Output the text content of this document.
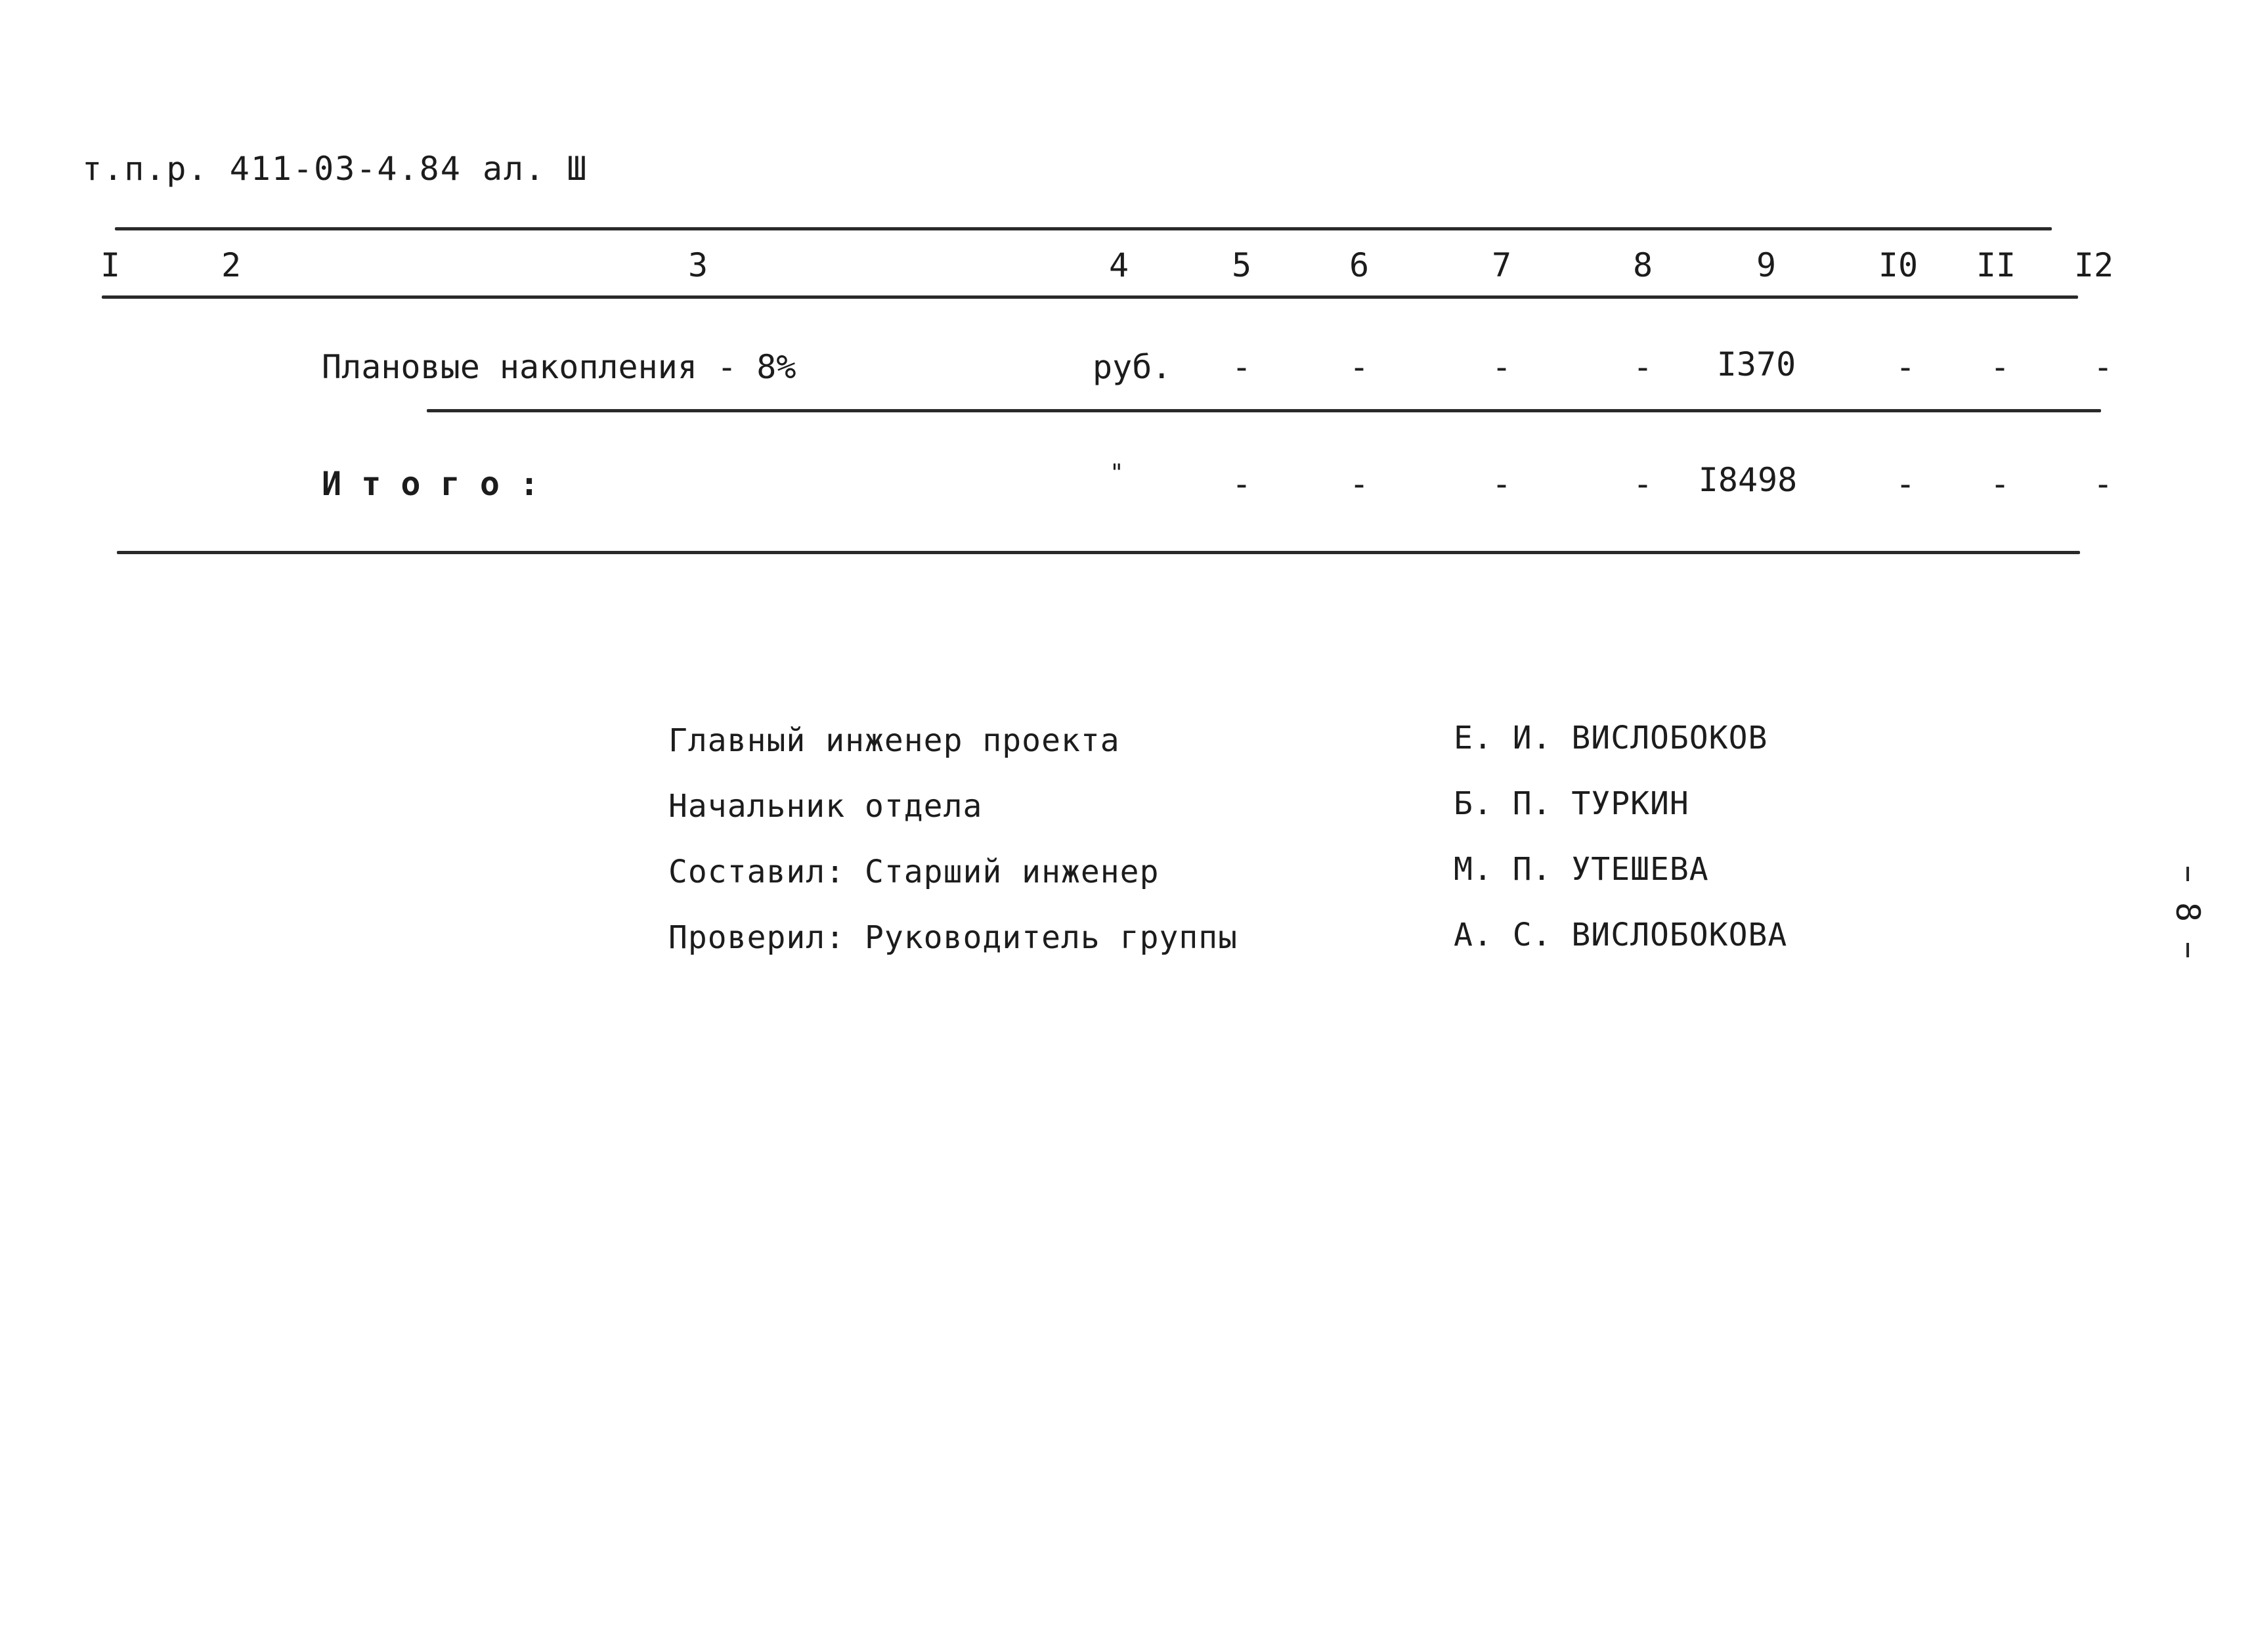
т.п.р. 411-03-4.84 ал. Ш
I	2	3	4	5	6	7	8	9	I0 II I2
Плановые накопления - 8%	руб. -	-	-	- I370	- -	-
И т о г о :	"	-	-	-	- I8498	- -	-
Главный инженер проекта	Е. И. ВИСЛОБОКОВ
Начальник отдела	Б. П. ТУРКИН
Составил: Старший инженер	М. П. УТЕШЕВА
Проверил: Руководитель группы	А. С. ВИСЛОБОКОВА
8
